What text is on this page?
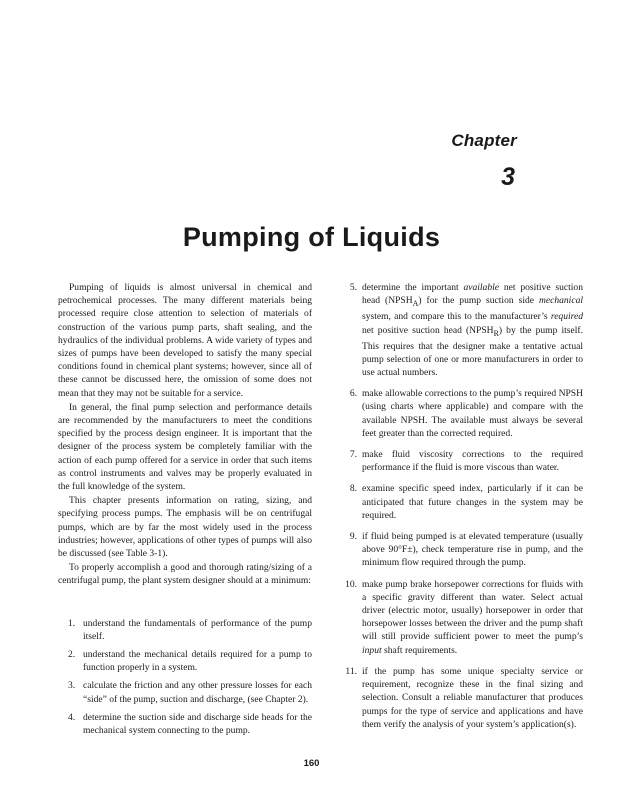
Chapter
3
Pumping of Liquids

Pumping of liquids is almost universal in chemical and petrochemical processes. The many different materials being processed require close attention to selection of materials of construction of the various pump parts, shaft sealing, and the hydraulics of the individual problems. A wide variety of types and sizes of pumps have been developed to satisfy the many special conditions found in chemical plant systems; however, since all of these cannot be discussed here, the omission of some does not mean that they may not be suitable for a service.

In general, the final pump selection and performance details are recommended by the manufacturers to meet the conditions specified by the process design engineer. It is important that the designer of the process system be completely familiar with the action of each pump offered for a service in order that such items as control instruments and valves may be properly evaluated in the full knowledge of the system.

This chapter presents information on rating, sizing, and specifying process pumps. The emphasis will be on centrifugal pumps, which are by far the most widely used in the process industries; however, applications of other types of pumps will also be discussed (see Table 3-1).

To properly accomplish a good and thorough rating/sizing of a centrifugal pump, the plant system designer should at a minimum:

1. understand the fundamentals of performance of the pump itself.
2. understand the mechanical details required for a pump to function properly in a system.
3. calculate the friction and any other pressure losses for each “side” of the pump, suction and discharge, (see Chapter 2).
4. determine the suction side and discharge side heads for the mechanical system connecting to the pump.
5. determine the important available net positive suction head $(NPSH_A)$ for the pump suction side mechanical system, and compare this to the manufacturer’s required net positive suction head $(NPSH_R)$ by the pump itself. This requires that the designer make a tentative actual pump selection of one or more manufacturers in order to use actual numbers.
6. make allowable corrections to the pump’s required NPSH (using charts where applicable) and compare with the available NPSH. The available must always be several feet greater than the corrected required.
7. make fluid viscosity corrections to the required performance if the fluid is more viscous than water.
8. examine specific speed index, particularly if it can be anticipated that future changes in the system may be required.
9. if fluid being pumped is at elevated temperature (usually above 90°F±), check temperature rise in pump, and the minimum flow required through the pump.
10. make pump brake horsepower corrections for fluids with a specific gravity different than water. Select actual driver (electric motor, usually) horsepower in order that horsepower losses between the driver and the pump shaft will still provide sufficient power to meet the pump’s input shaft requirements.
11. if the pump has some unique specialty service or requirement, recognize these in the final sizing and selection. Consult a reliable manufacturer that produces pumps for the type of service and applications and have them verify the analysis of your system’s application(s).
160
